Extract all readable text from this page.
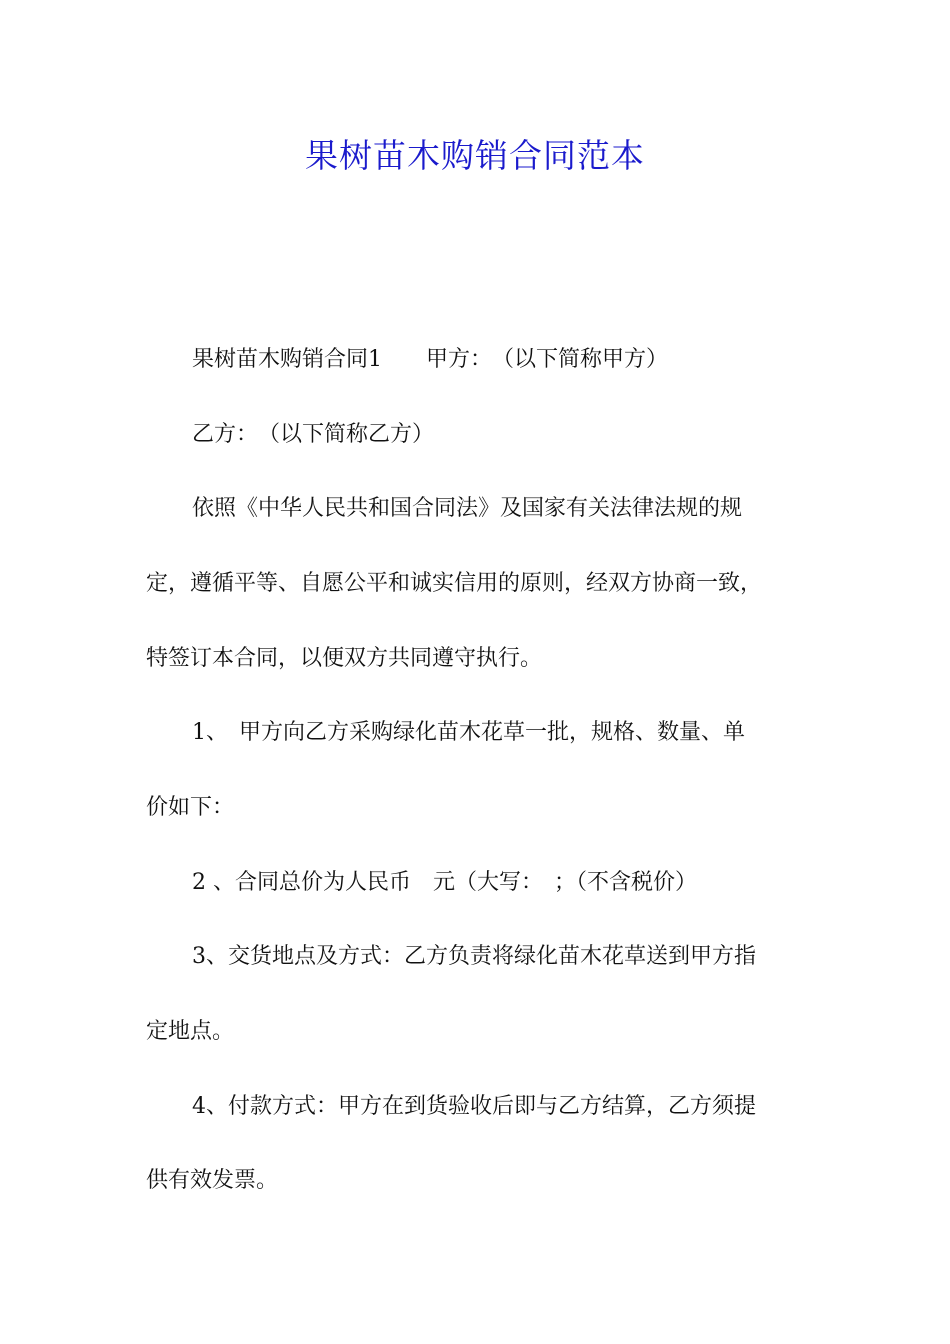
果树苗木购销合同范本
果树苗木购销合同1　　甲方：　（以下简称甲方）
乙方：　（以下简称乙方）
依照《中华人民共和国合同法》及国家有关法律法规的规
定，遵循平等、自愿公平和诚实信用的原则，经双方协商一致，
特签订本合同，以便双方共同遵守执行。
1、　甲方向乙方采购绿化苗木花草一批，规格、数量、单
价如下：
2 、合同总价为人民币　元（大写：　；（不含税价）
3、交货地点及方式：乙方负责将绿化苗木花草送到甲方指
定地点。
4、付款方式：甲方在到货验收后即与乙方结算，乙方须提
供有效发票。
